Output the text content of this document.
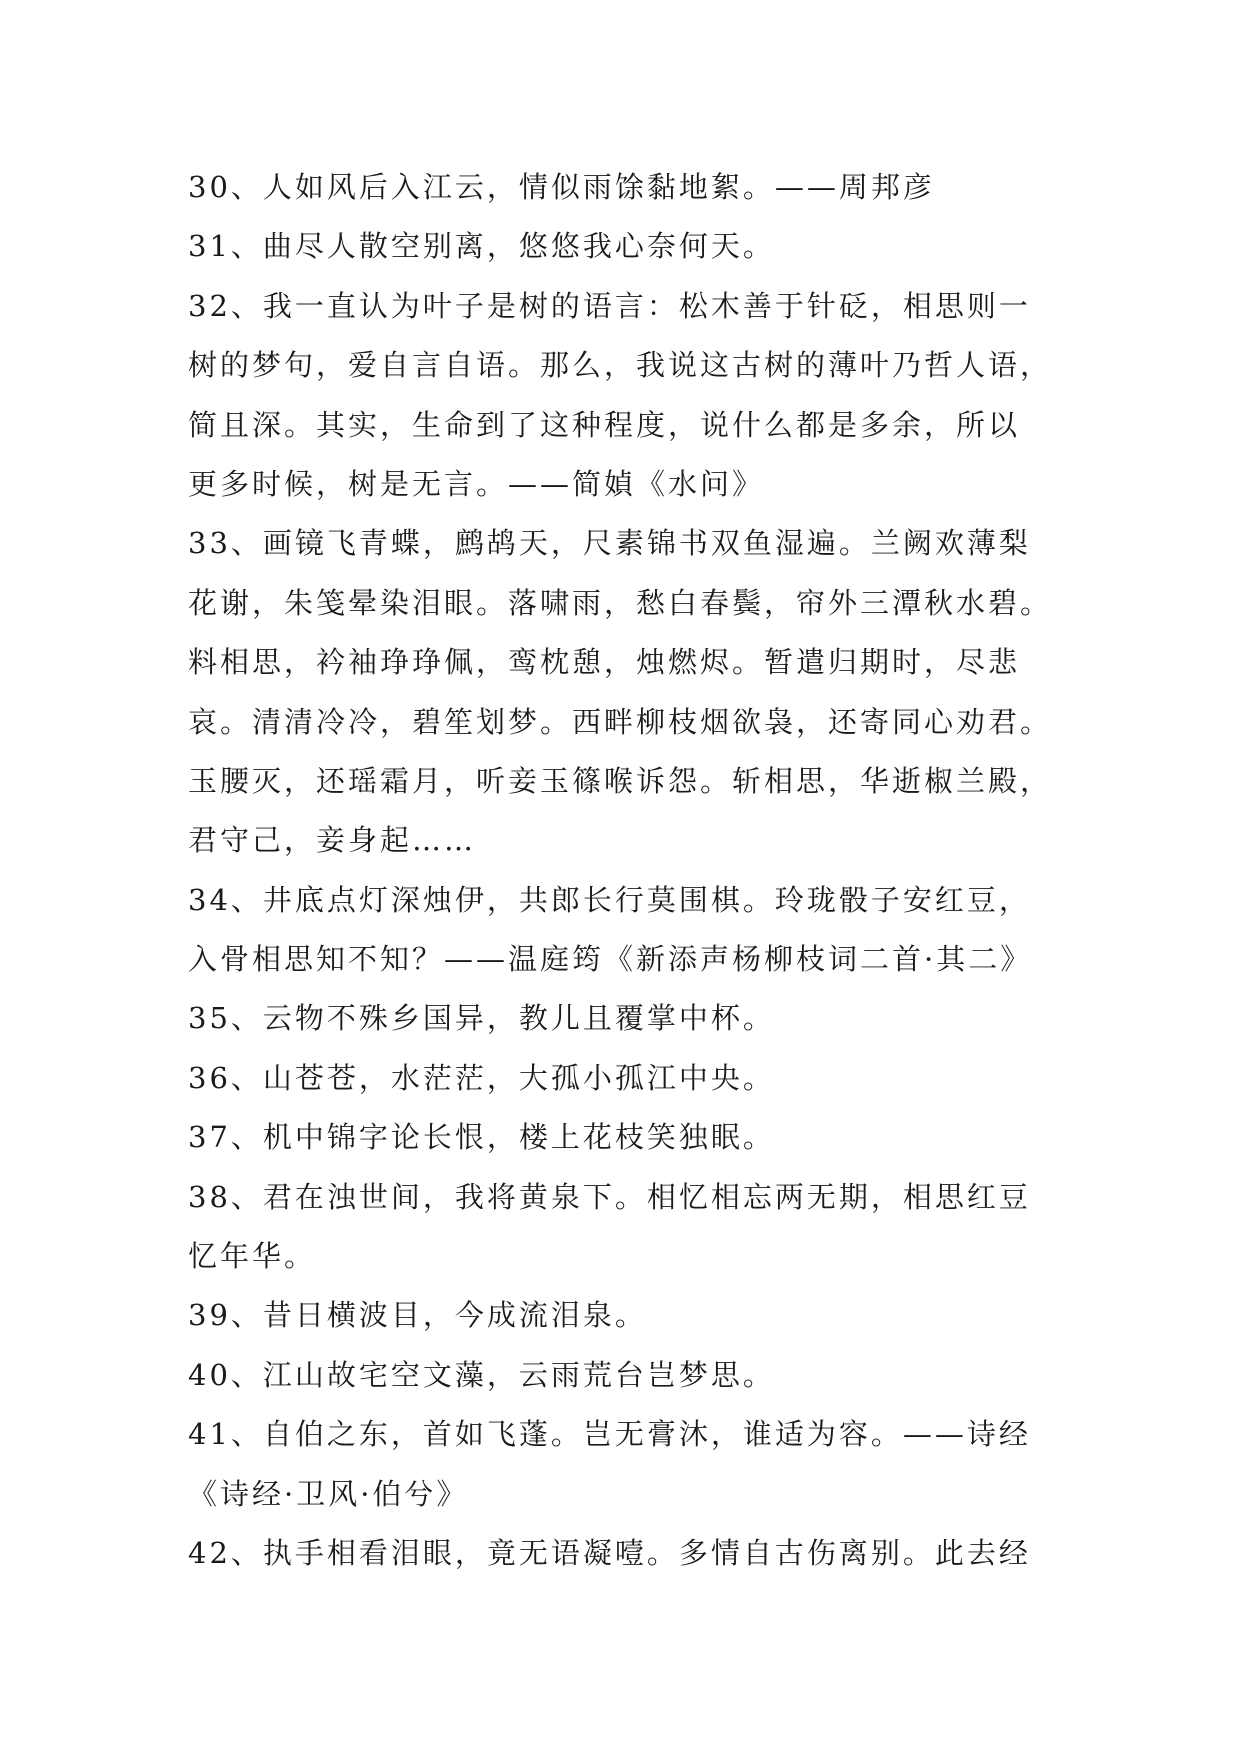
30、人如风后入江云，情似雨馀黏地絮。——周邦彦
31、曲尽人散空别离，悠悠我心奈何天。
32、我一直认为叶子是树的语言：松木善于针砭，相思则一
树的梦句，爱自言自语。那么，我说这古树的薄叶乃哲人语，
简且深。其实，生命到了这种程度，说什么都是多余，所以
更多时候，树是无言。——简媜《水问》
33、画镜飞青蝶，鹧鸪天，尺素锦书双鱼湿遍。兰阙欢薄梨
花谢，朱笺晕染泪眼。落啸雨，愁白春鬓，帘外三潭秋水碧。
料相思，衿袖琤琤佩，鸾枕憩，烛燃烬。暂遣归期时，尽悲
哀。清清冷冷，碧笙划梦。西畔柳枝烟欲袅，还寄同心劝君。
玉腰灭，还瑶霜月，听妾玉篠喉诉怨。斩相思，华逝椒兰殿，
君守己，妾身起……
34、井底点灯深烛伊，共郎长行莫围棋。玲珑骰子安红豆，
入骨相思知不知？——温庭筠《新添声杨柳枝词二首·其二》
35、云物不殊乡国异，教儿且覆掌中杯。
36、山苍苍，水茫茫，大孤小孤江中央。
37、机中锦字论长恨，楼上花枝笑独眠。
38、君在浊世间，我将黄泉下。相忆相忘两无期，相思红豆
忆年华。
39、昔日横波目，今成流泪泉。
40、江山故宅空文藻，云雨荒台岂梦思。
41、自伯之东，首如飞蓬。岂无膏沐，谁适为容。——诗经
《诗经·卫风·伯兮》
42、执手相看泪眼，竟无语凝噎。多情自古伤离别。此去经
